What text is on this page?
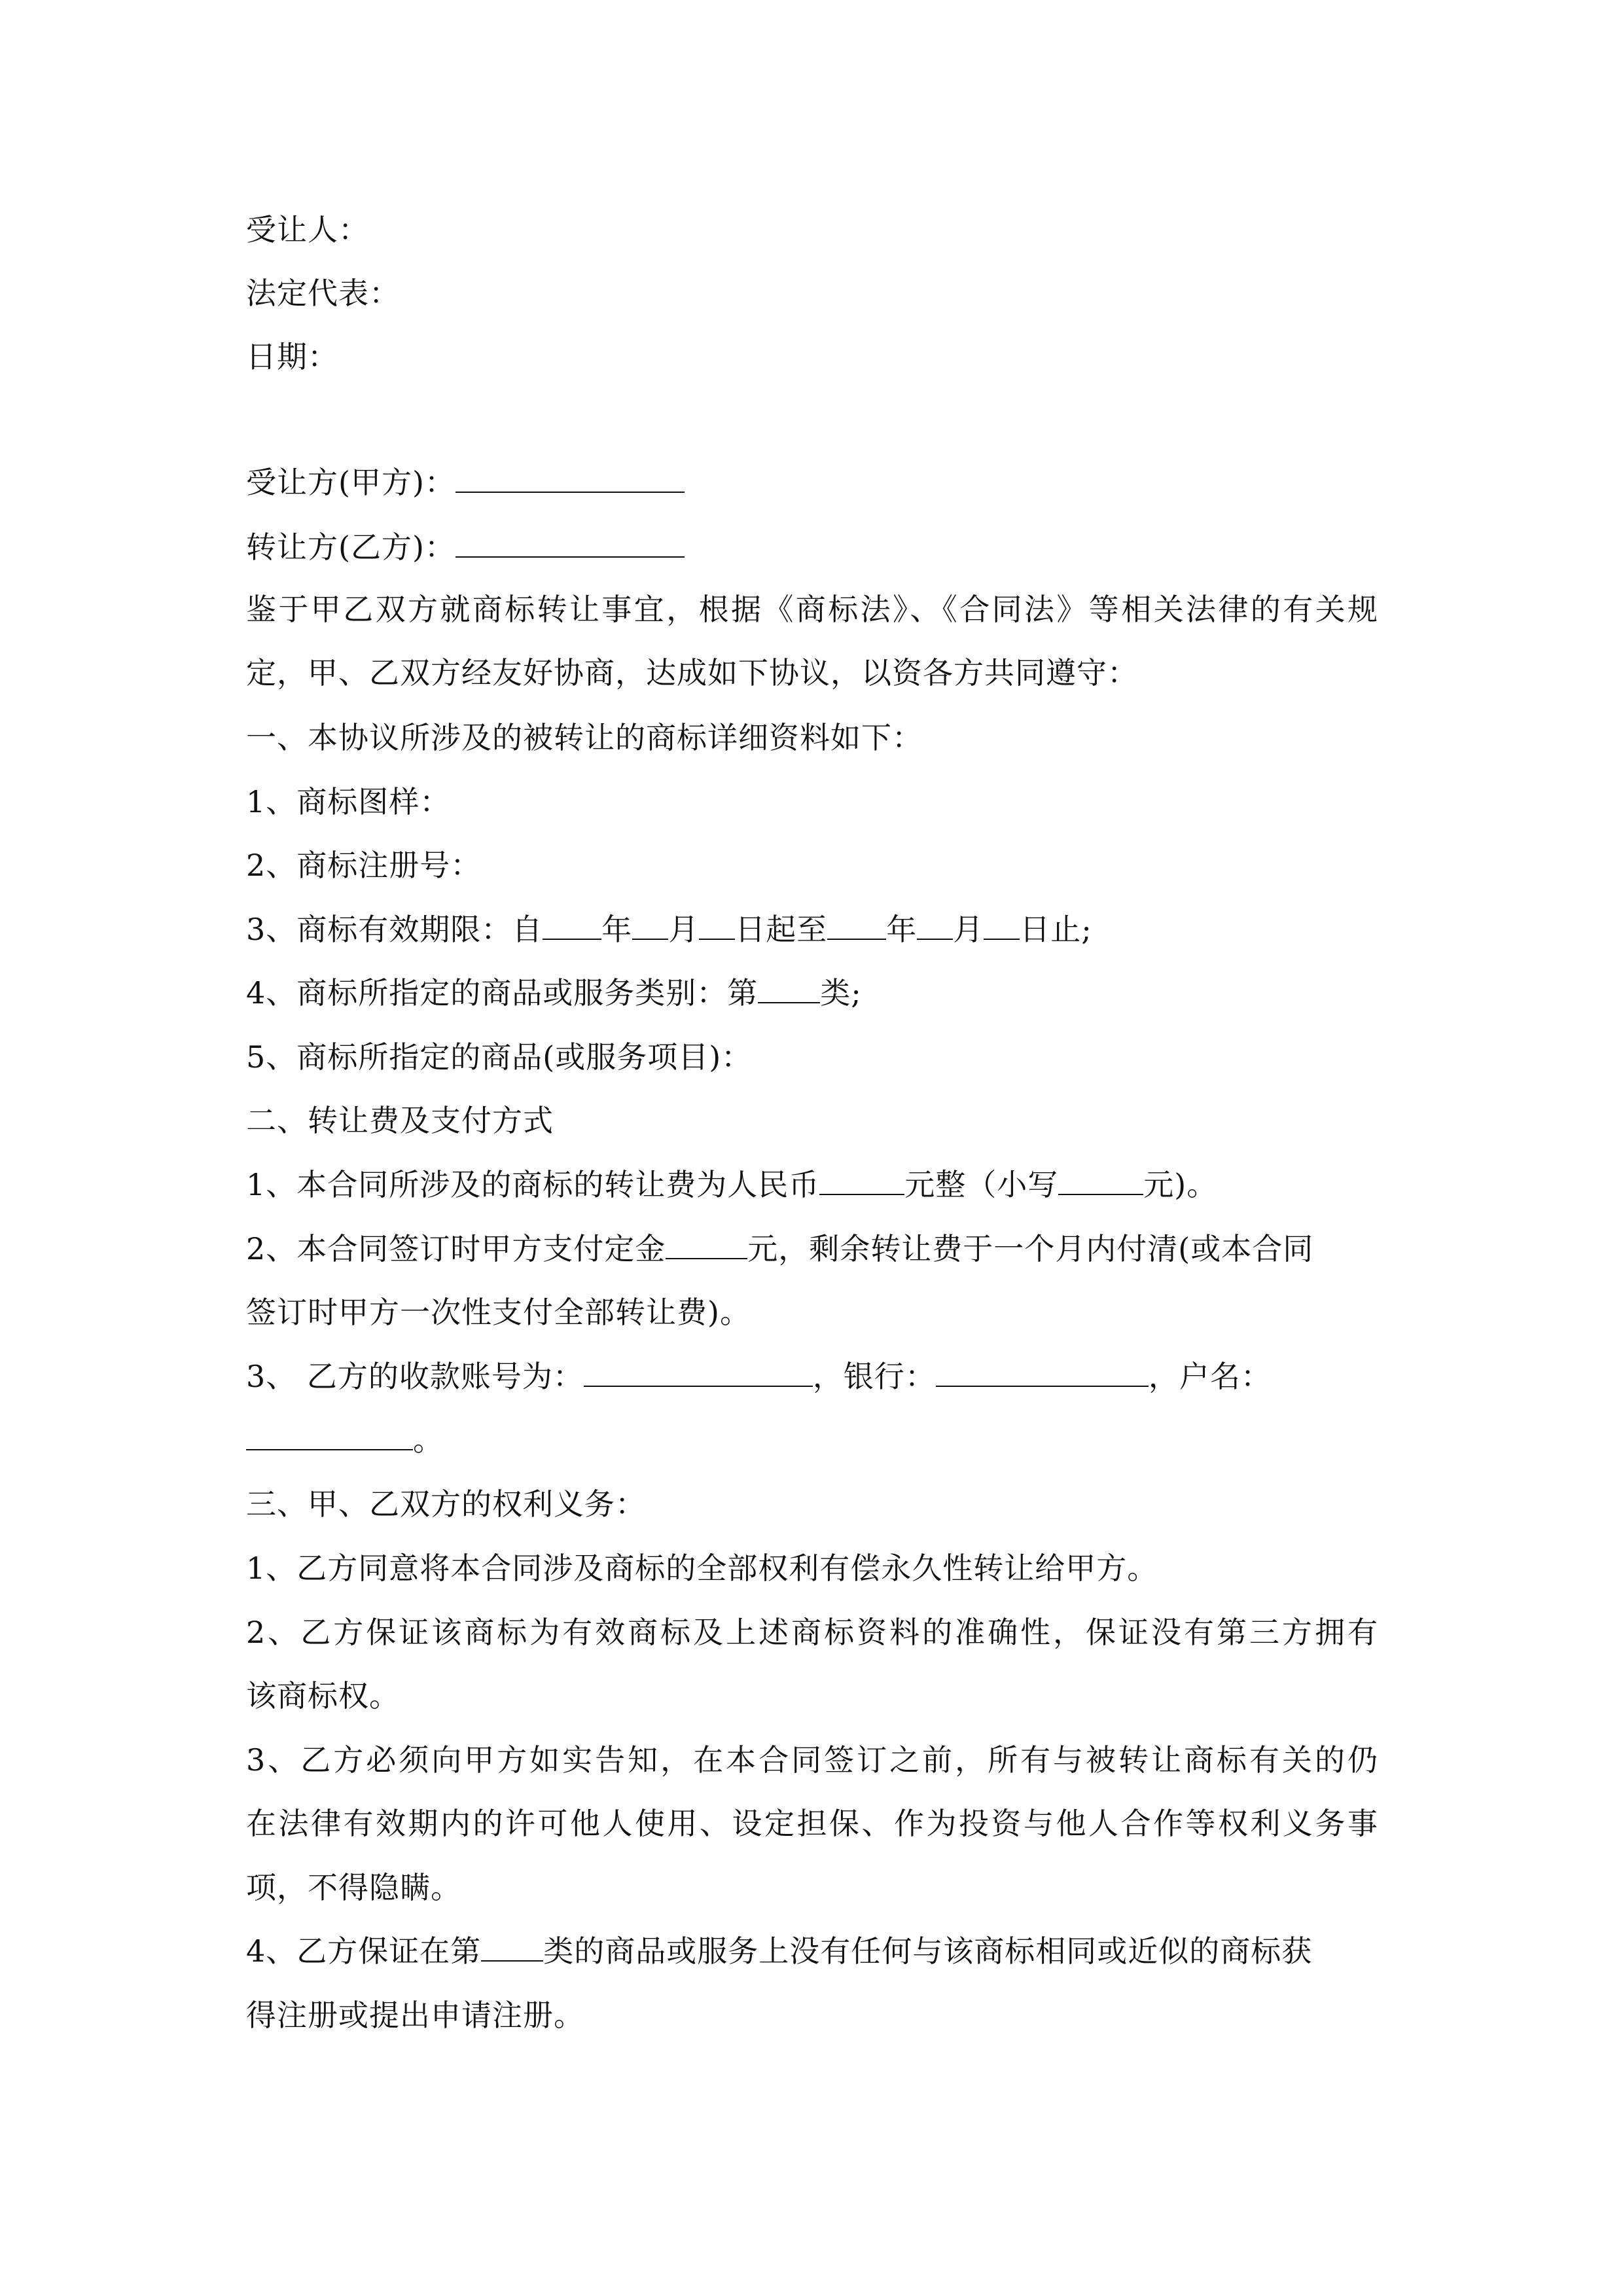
受让人：
法定代表：
日期：
受让方(甲方)：
转让方(乙方)：
鉴于甲乙双方就商标转让事宜，根据《商标法》、《合同法》等相关法律的有关规
定，甲、乙双方经友好协商，达成如下协议，以资各方共同遵守：
一、本协议所涉及的被转让的商标详细资料如下：
1、商标图样：
2、商标注册号：
3、商标有效期限：自 年 月 日起至 年 月 日止;
4、商标所指定的商品或服务类别：第 类;
5、商标所指定的商品(或服务项目)：
二、转让费及支付方式
1、本合同所涉及的商标的转让费为人民币	元整（小写	元)。
2、本合同签订时甲方支付定金	元，剩余转让费于一个月内付清(或本合同
签订时甲方一次性支付全部转让费)。
3、 乙方的收款账号为：	，银行：	，户名：
。
三、甲、乙双方的权利义务：
1、乙方同意将本合同涉及商标的全部权利有偿永久性转让给甲方。
2、乙方保证该商标为有效商标及上述商标资料的准确性，保证没有第三方拥有
该商标权。
3、乙方必须向甲方如实告知，在本合同签订之前，所有与被转让商标有关的仍
在法律有效期内的许可他人使用、设定担保、作为投资与他人合作等权利义务事
项，不得隐瞒。
4、乙方保证在第 类的商品或服务上没有任何与该商标相同或近似的商标获
得注册或提出申请注册。
